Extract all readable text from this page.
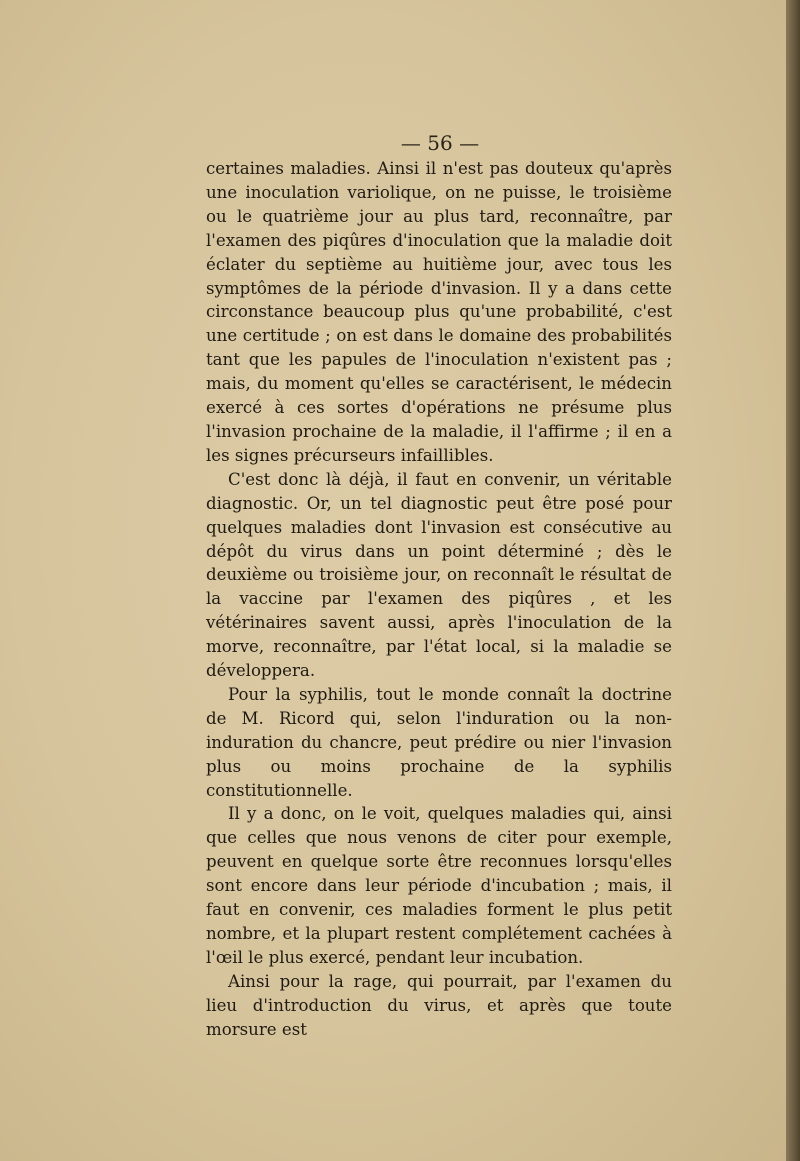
— 56 —

certaines maladies. Ainsi il n'est pas douteux qu'après une inoculation variolique, on ne puisse, le troisième ou le quatrième jour au plus tard, reconnaître, par l'examen des piqûres d'inoculation que la maladie doit éclater du septième au huitième jour, avec tous les symptômes de la période d'invasion. Il y a dans cette circonstance beaucoup plus qu'une probabilité, c'est une certitude ; on est dans le domaine des probabilités tant que les papules de l'inoculation n'existent pas ; mais, du moment qu'elles se caractérisent, le médecin exercé à ces sortes d'opérations ne présume plus l'invasion prochaine de la maladie, il l'affirme ; il en a les signes précurseurs infaillibles.

C'est donc là déjà, il faut en convenir, un véritable diagnostic. Or, un tel diagnostic peut être posé pour quelques maladies dont l'invasion est consécutive au dépôt du virus dans un point déterminé ; dès le deuxième ou troisième jour, on reconnaît le résultat de la vaccine par l'examen des piqûres , et les vétérinaires savent aussi, après l'inoculation de la morve, reconnaître, par l'état local, si la maladie se développera.

Pour la syphilis, tout le monde connaît la doctrine de M. Ricord qui, selon l'induration ou la non-induration du chancre, peut prédire ou nier l'invasion plus ou moins prochaine de la syphilis constitutionnelle.

Il y a donc, on le voit, quelques maladies qui, ainsi que celles que nous venons de citer pour exemple, peuvent en quelque sorte être reconnues lorsqu'elles sont encore dans leur période d'incubation ; mais, il faut en convenir, ces maladies forment le plus petit nombre, et la plupart restent complétement cachées à l'œil le plus exercé, pendant leur incubation.

Ainsi pour la rage, qui pourrait, par l'examen du lieu d'introduction du virus, et après que toute morsure est
